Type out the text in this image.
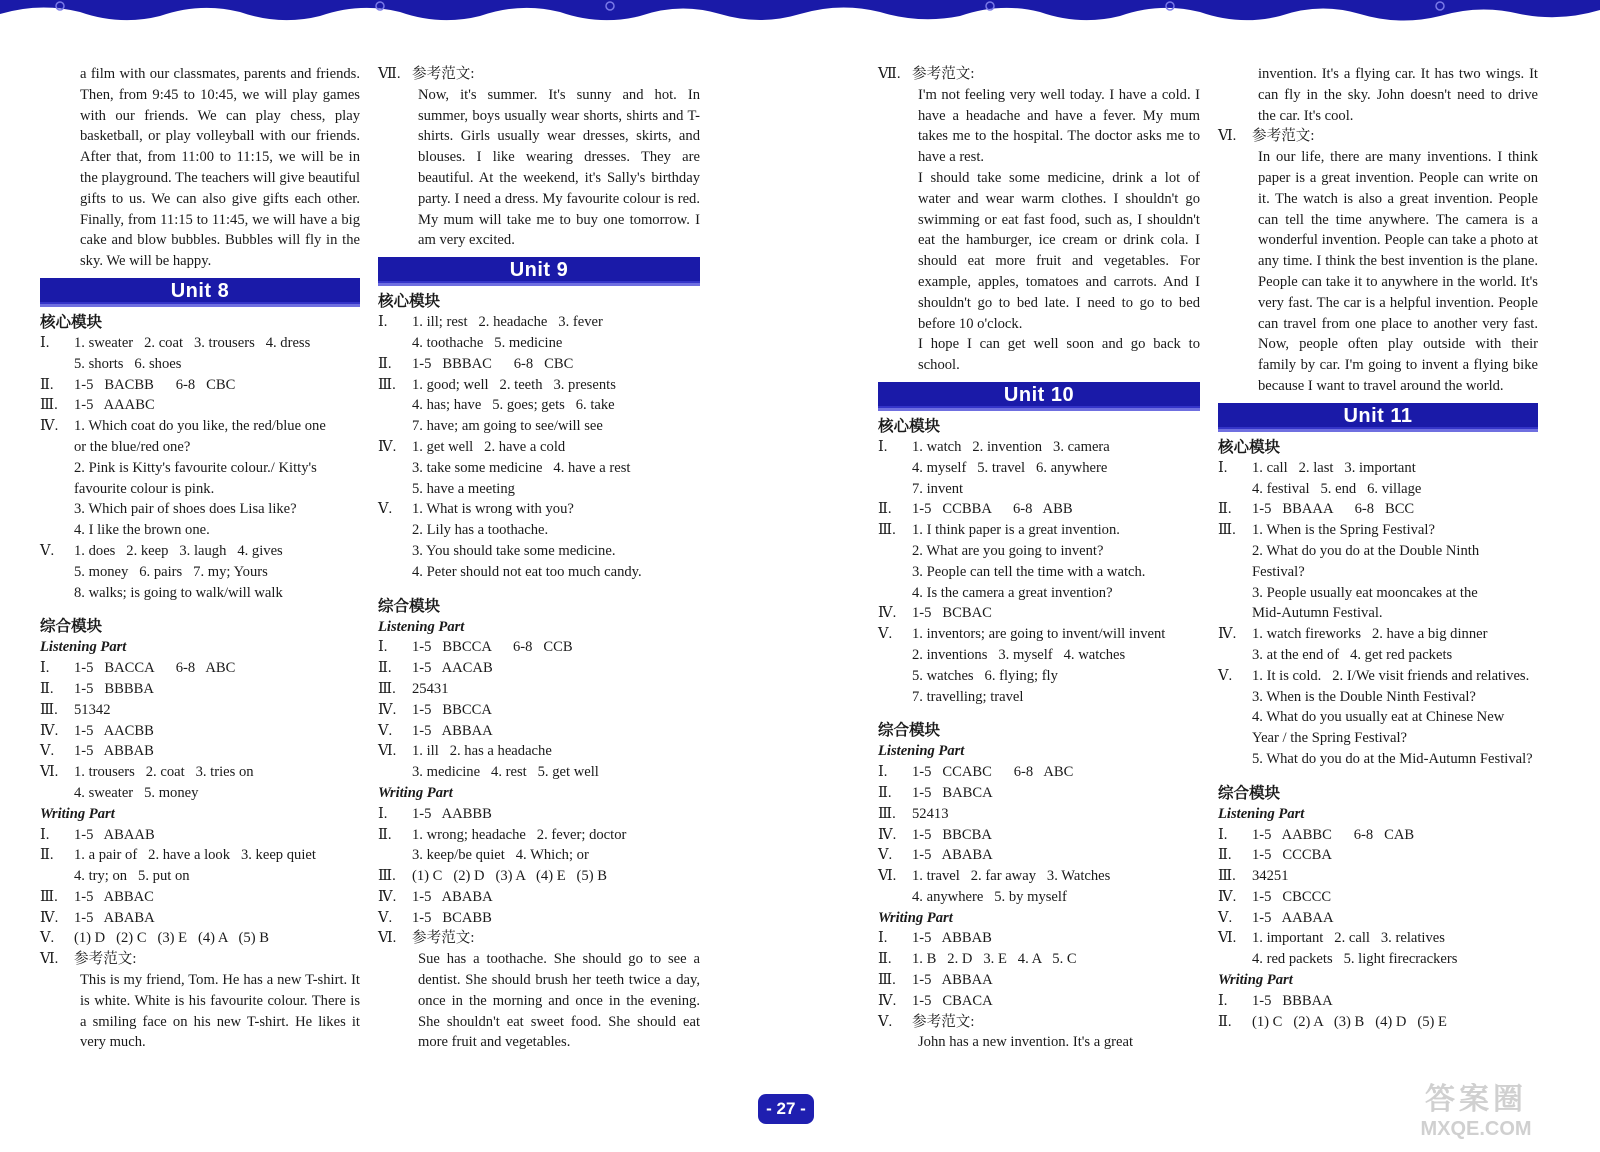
a film with our classmates, parents and friends. Then, from 9:45 to 10:45, we will play games with our friends. We can play chess, play basketball, or play volleyball with our friends. After that, from 11:00 to 11:15, we will be in the playground. The teachers will give beautiful gifts to us. We can also give gifts each other. Finally, from 11:15 to 11:45, we will have a big cake and blow bubbles. Bubbles will fly in the sky. We will be happy.
Unit 8
核心模块
Ⅰ. 1. sweater   2. coat   3. trousers   4. dress
5. shorts   6. shoes
Ⅱ. 1-5   BACBB      6-8   CBC
Ⅲ. 1-5   AAABC
Ⅳ. 1. Which coat do you like, the red/blue one
or the blue/red one?
2. Pink is Kitty's favourite colour./ Kitty's
favourite colour is pink.
3. Which pair of shoes does Lisa like?
4. I like the brown one.
Ⅴ. 1. does   2. keep   3. laugh   4. gives
5. money   6. pairs   7. my; Yours
8. walks; is going to walk/will walk
综合模块
Listening Part
Ⅰ. 1-5   BACCA      6-8   ABC
Ⅱ. 1-5   BBBBA
Ⅲ. 51342
Ⅳ. 1-5   AACBB
Ⅴ. 1-5   ABBAB
Ⅵ. 1. trousers   2. coat   3. tries on
4. sweater   5. money
Writing Part
Ⅰ. 1-5   ABAAB
Ⅱ. 1. a pair of   2. have a look   3. keep quiet
4. try; on   5. put on
Ⅲ. 1-5   ABBAC
Ⅳ. 1-5   ABABA
Ⅴ. (1) D   (2) C   (3) E   (4) A   (5) B
Ⅵ. 参考范文:
This is my friend, Tom. He has a new T-shirt. It is white. White is his favourite colour. There is a smiling face on his new T-shirt. He likes it very much.
Ⅶ. 参考范文:
Now, it's summer. It's sunny and hot. In summer, boys usually wear shorts, shirts and T-shirts. Girls usually wear dresses, skirts, and blouses. I like wearing dresses. They are beautiful. At the weekend, it's Sally's birthday party. I need a dress. My favourite colour is red. My mum will take me to buy one tomorrow. I am very excited.
Unit 9
核心模块
Ⅰ. 1. ill; rest   2. headache   3. fever
4. toothache   5. medicine
Ⅱ. 1-5   BBBAC      6-8   CBC
Ⅲ. 1. good; well   2. teeth   3. presents
4. has; have   5. goes; gets   6. take
7. have; am going to see/will see
Ⅳ. 1. get well   2. have a cold
3. take some medicine   4. have a rest
5. have a meeting
Ⅴ. 1. What is wrong with you?
2. Lily has a toothache.
3. You should take some medicine.
4. Peter should not eat too much candy.
综合模块
Listening Part
Ⅰ. 1-5   BBCCA      6-8   CCB
Ⅱ. 1-5   AACAB
Ⅲ. 25431
Ⅳ. 1-5   BBCCA
Ⅴ. 1-5   ABBAA
Ⅵ. 1. ill   2. has a headache
3. medicine   4. rest   5. get well
Writing Part
Ⅰ. 1-5   AABBB
Ⅱ. 1. wrong; headache   2. fever; doctor
3. keep/be quiet   4. Which; or
Ⅲ. (1) C   (2) D   (3) A   (4) E   (5) B
Ⅳ. 1-5   ABABA
Ⅴ. 1-5   BCABB
Ⅵ. 参考范文:
Sue has a toothache. She should go to see a dentist. She should brush her teeth twice a day, once in the morning and once in the evening. She shouldn't eat sweet food. She should eat more fruit and vegetables.
Ⅶ. 参考范文:
I'm not feeling very well today. I have a cold. I have a headache and have a fever. My mum takes me to the hospital. The doctor asks me to have a rest.
I should take some medicine, drink a lot of water and wear warm clothes. I shouldn't go swimming or eat fast food, such as, I shouldn't eat the hamburger, ice cream or drink cola. I should eat more fruit and vegetables. For example, apples, tomatoes and carrots. And I shouldn't go to bed late. I need to go to bed before 10 o'clock.
I hope I can get well soon and go back to school.
Unit 10
核心模块
Ⅰ. 1. watch   2. invention   3. camera
4. myself   5. travel   6. anywhere
7. invent
Ⅱ. 1-5   CCBBA      6-8   ABB
Ⅲ. 1. I think paper is a great invention.
2. What are you going to invent?
3. People can tell the time with a watch.
4. Is the camera a great invention?
Ⅳ. 1-5   BCBAC
Ⅴ. 1. inventors; are going to invent/will invent
2. inventions   3. myself   4. watches
5. watches   6. flying; fly
7. travelling; travel
综合模块
Listening Part
Ⅰ. 1-5   CCABC      6-8   ABC
Ⅱ. 1-5   BABCA
Ⅲ. 52413
Ⅳ. 1-5   BBCBA
Ⅴ. 1-5   ABABA
Ⅵ. 1. travel   2. far away   3. Watches
4. anywhere   5. by myself
Writing Part
Ⅰ. 1-5   ABBAB
Ⅱ. 1. B   2. D   3. E   4. A   5. C
Ⅲ. 1-5   ABBAA
Ⅳ. 1-5   CBACA
Ⅴ. 参考范文:
John has a new invention. It's a great
invention. It's a flying car. It has two wings. It can fly in the sky. John doesn't need to drive the car. It's cool.
Ⅵ. 参考范文:
In our life, there are many inventions. I think paper is a great invention. People can write on it. The watch is also a great invention. People can tell the time anywhere. The camera is a wonderful invention. People can take a photo at any time. I think the best invention is the plane. People can take it to anywhere in the world. It's very fast. The car is a helpful invention. People can travel from one place to another very fast. Now, people often play outside with their family by car. I'm going to invent a flying bike because I want to travel around the world.
Unit 11
核心模块
Ⅰ. 1. call   2. last   3. important
4. festival   5. end   6. village
Ⅱ. 1-5   BBAAA      6-8   BCC
Ⅲ. 1. When is the Spring Festival?
2. What do you do at the Double Ninth
Festival?
3. People usually eat mooncakes at the
Mid-Autumn Festival.
Ⅳ. 1. watch fireworks   2. have a big dinner
3. at the end of   4. get red packets
Ⅴ. 1. It is cold.   2. I/We visit friends and relatives.
3. When is the Double Ninth Festival?
4. What do you usually eat at Chinese New
Year / the Spring Festival?
5. What do you do at the Mid-Autumn Festival?
综合模块
Listening Part
Ⅰ. 1-5   AABBC      6-8   CAB
Ⅱ. 1-5   CCCBA
Ⅲ. 34251
Ⅳ. 1-5   CBCCC
Ⅴ. 1-5   AABAA
Ⅵ. 1. important   2. call   3. relatives
4. red packets   5. light firecrackers
Writing Part
Ⅰ. 1-5   BBBAA
Ⅱ. (1) C   (2) A   (3) B   (4) D   (5) E
- 27 -	答案圈
MXQE.COM
